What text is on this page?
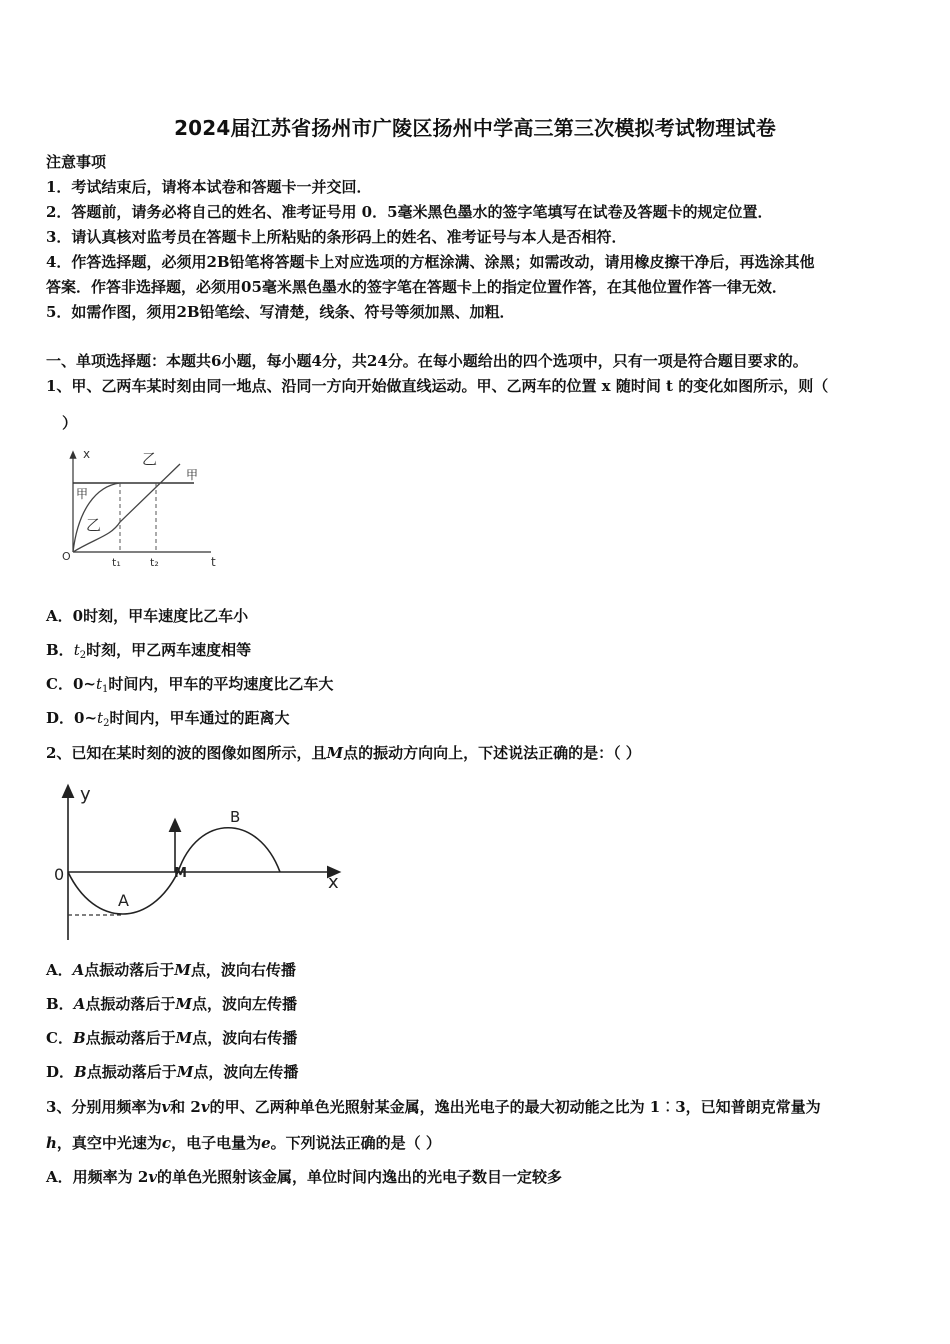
2024届江苏省扬州市广陵区扬州中学高三第三次模拟考试物理试卷
注意事项
1．考试结束后，请将本试卷和答题卡一并交回．
2．答题前，请务必将自己的姓名、准考证号用 0．5毫米黑色墨水的签字笔填写在试卷及答题卡的规定位置．
3．请认真核对监考员在答题卡上所粘贴的条形码上的姓名、准考证号与本人是否相符．
4．作答选择题，必须用2B铅笔将答题卡上对应选项的方框涂满、涂黑；如需改动，请用橡皮擦干净后，再选涂其他
答案．作答非选择题，必须用05毫米黑色墨水的签字笔在答题卡上的指定位置作答，在其他位置作答一律无效．
5．如需作图，须用2B铅笔绘、写清楚，线条、符号等须加黑、加粗．
一、单项选择题：本题共6小题，每小题4分，共24分。在每小题给出的四个选项中，只有一项是符合题目要求的。
1、甲、乙两车某时刻由同一地点、沿同一方向开始做直线运动。甲、乙两车的位置 x 随时间 t 的变化如图所示，则（
）
x
t
O
乙
甲
甲
乙
t₁	t₂
A．0时刻，甲车速度比乙车小
B．$t_2$时刻，甲乙两车速度相等
C．$0\sim t_1$时间内，甲车的平均速度比乙车大
D．$0\sim t_2$时间内，甲车通过的距离大
2、已知在某时刻的波的图像如图所示，且M点的振动方向向上，下述说法正确的是：（ ）
y
x
0
A
B
M
A．A点振动落后于M点，波向右传播
B．A点振动落后于M点，波向左传播
C．B点振动落后于M点，波向右传播
D．B点振动落后于M点，波向左传播
3、分别用频率为v和 2v的甲、乙两种单色光照射某金属，逸出光电子的最大初动能之比为 1︰3，已知普朗克常量为
h，真空中光速为c，电子电量为e。下列说法正确的是（ ）
A．用频率为 2v的单色光照射该金属，单位时间内逸出的光电子数目一定较多
